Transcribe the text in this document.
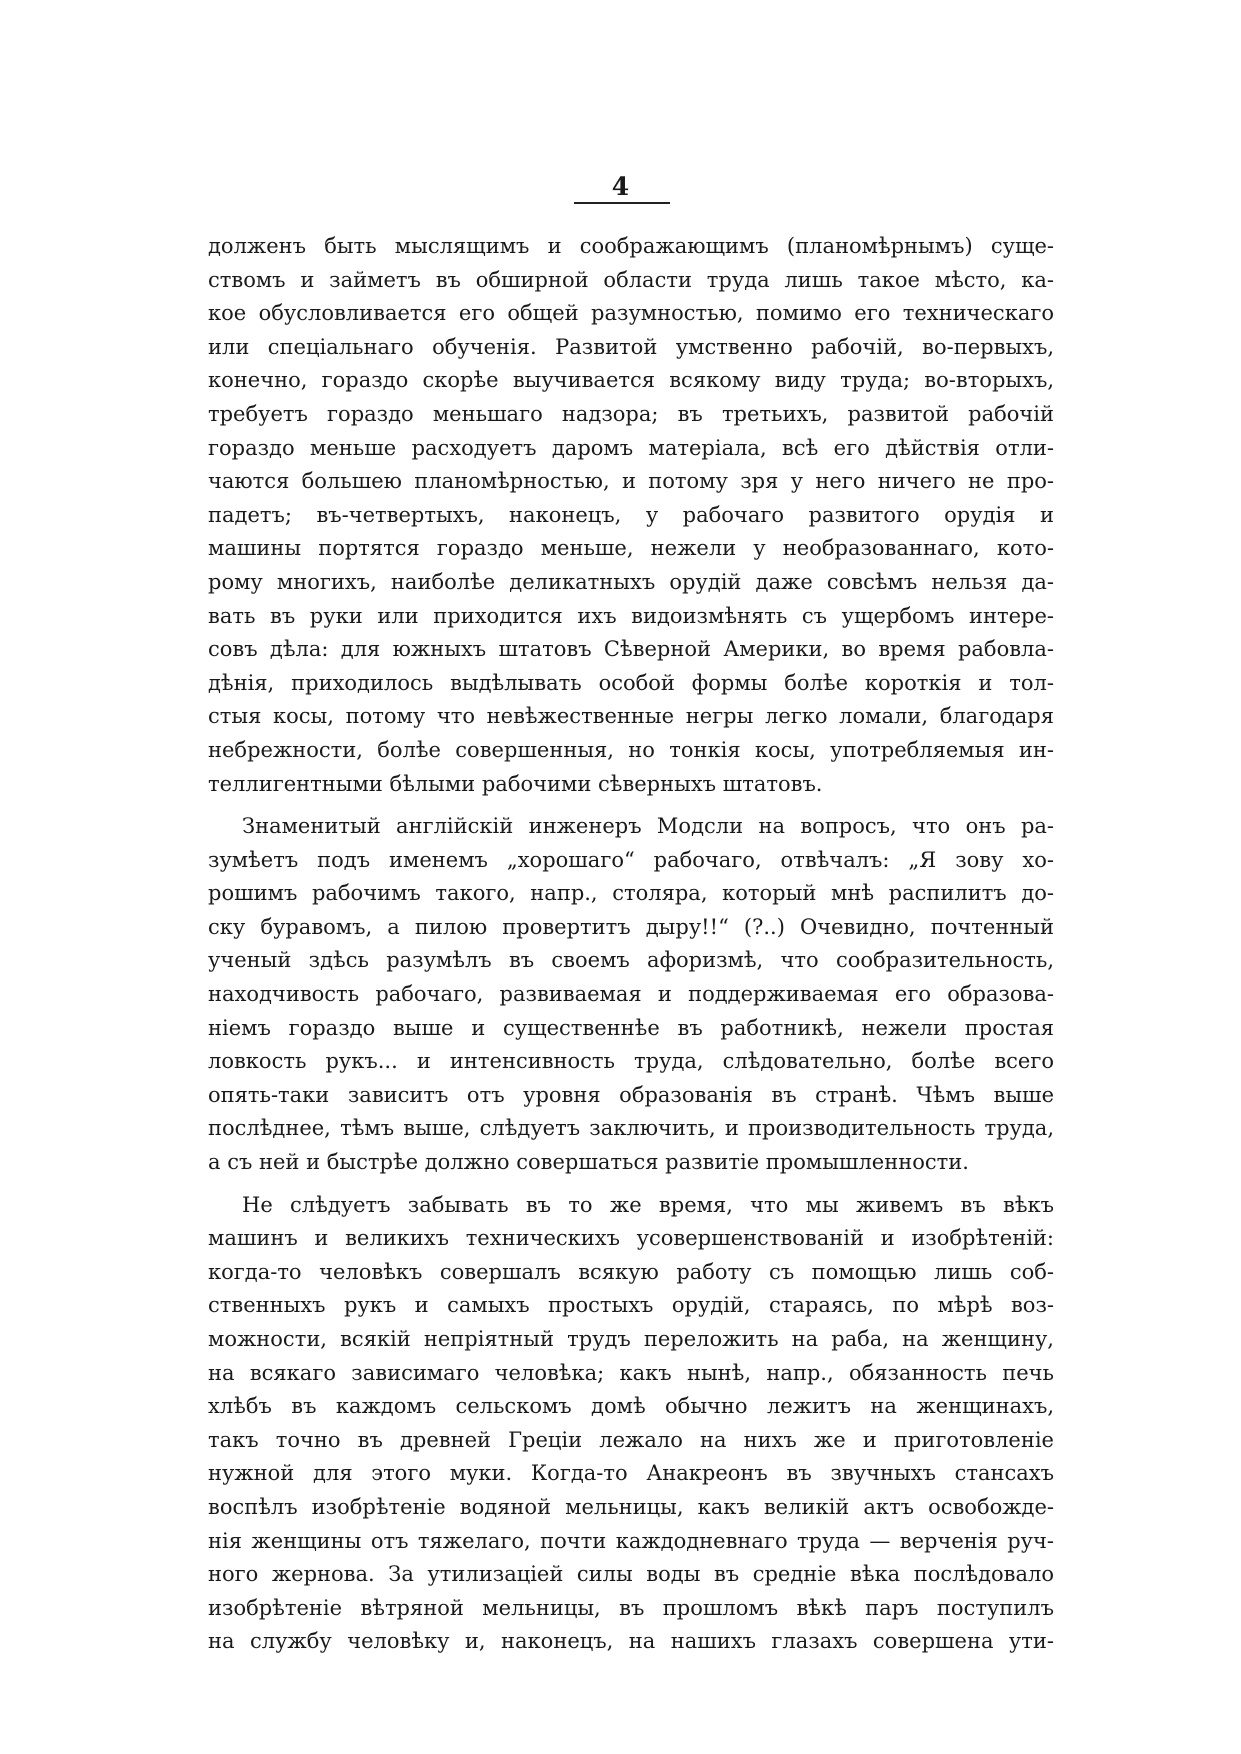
4
долженъ быть мыслящимъ и соображающимъ (планомѣрнымъ) суще-
ствомъ и займетъ въ обширной области труда лишь такое мѣсто, ка-
кое обусловливается его общей разумностью, помимо его техническаго
или спеціальнаго обученія. Развитой умственно рабочій, во-первыхъ,
конечно, гораздо скорѣе выучивается всякому виду труда; во-вторыхъ,
требуетъ гораздо меньшаго надзора; въ третьихъ, развитой рабочій
гораздо меньше расходуетъ даромъ матеріала, всѣ его дѣйствія отли-
чаются большею планомѣрностью, и потому зря у него ничего не про-
падетъ; въ-четвертыхъ, наконецъ, у рабочаго развитого орудія и
машины портятся гораздо меньше, нежели у необразованнаго, кото-
рому многихъ, наиболѣе деликатныхъ орудій даже совсѣмъ нельзя да-
вать въ руки или приходится ихъ видоизмѣнять съ ущербомъ интере-
совъ дѣла: для южныхъ штатовъ Сѣверной Америки, во время рабовла-
дѣнія, приходилось выдѣлывать особой формы болѣе короткія и тол-
стыя косы, потому что невѣжественные негры легко ломали, благодаря
небрежности, болѣе совершенныя, но тонкія косы, употребляемыя ин-
теллигентными бѣлыми рабочими сѣверныхъ штатовъ.
Знаменитый англійскій инженеръ Модсли на вопросъ, что онъ ра-
зумѣетъ подъ именемъ „хорошаго“ рабочаго, отвѣчалъ: „Я зову хо-
рошимъ рабочимъ такого, напр., столяра, который мнѣ распилитъ до-
ску буравомъ, а пилою провертитъ дыру!!“ (?..) Очевидно, почтенный
ученый здѣсь разумѣлъ въ своемъ афоризмѣ, что сообразительность,
находчивость рабочаго, развиваемая и поддерживаемая его образова-
ніемъ гораздо выше и существеннѣе въ работникѣ, нежели простая
ловкость рукъ... и интенсивность труда, слѣдовательно, болѣе всего
опять-таки зависитъ отъ уровня образованія въ странѣ. Чѣмъ выше
послѣднее, тѣмъ выше, слѣдуетъ заключить, и производительность труда,
а съ ней и быстрѣе должно совершаться развитіе промышленности.
Не слѣдуетъ забывать въ то же время, что мы живемъ въ вѣкъ
машинъ и великихъ техническихъ усовершенствованій и изобрѣтеній:
когда-то человѣкъ совершалъ всякую работу съ помощью лишь соб-
ственныхъ рукъ и самыхъ простыхъ орудій, стараясь, по мѣрѣ воз-
можности, всякій непріятный трудъ переложить на раба, на женщину,
на всякаго зависимаго человѣка; какъ нынѣ, напр., обязанность печь
хлѣбъ въ каждомъ сельскомъ домѣ обычно лежитъ на женщинахъ,
такъ точно въ древней Греціи лежало на нихъ же и приготовленіе
нужной для этого муки. Когда-то Анакреонъ въ звучныхъ стансахъ
воспѣлъ изобрѣтеніе водяной мельницы, какъ великій актъ освобожде-
нія женщины отъ тяжелаго, почти каждодневнаго труда — верченія руч-
ного жернова. За утилизацiей силы воды въ средніе вѣка послѣдовало
изобрѣтеніе вѣтряной мельницы, въ прошломъ вѣкѣ паръ поступилъ
на службу человѣку и, наконецъ, на нашихъ глазахъ совершена ути-
